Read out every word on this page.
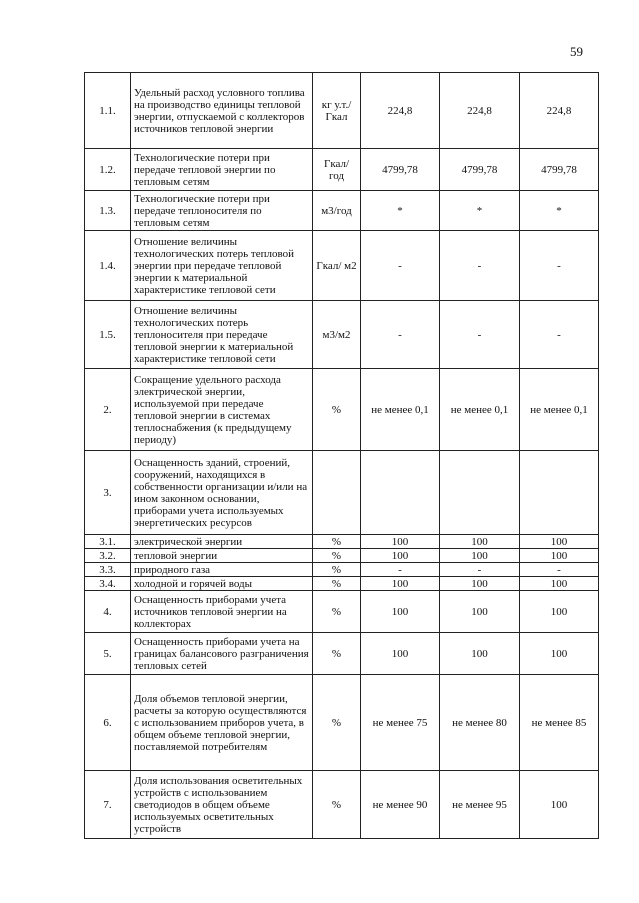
59
1.1.	Удельный расход условного топлива на производство единицы тепловой энергии, отпускаемой с коллекторов источников тепловой энергии	кг у.т./ Гкал	224,8	224,8	224,8
1.2.	Технологические потери при передаче тепловой энергии по тепловым сетям	Гкал/ год	4799,78	4799,78	4799,78
1.3.	Технологические потери при передаче теплоносителя по тепловым сетям	м3/год	*	*	*
1.4.	Отношение величины технологических потерь тепловой энергии при передаче тепловой энергии к материальной характеристике тепловой сети	Гкал/ м2	-	-	-
1.5.	Отношение величины технологических потерь теплоносителя при передаче тепловой энергии к материальной характеристике тепловой сети	м3/м2	-	-	-
2.	Сокращение удельного расхода электрической энергии, используемой при передаче тепловой энергии в системах теплоснабжения (к предыдущему периоду)	%	не менее 0,1	не менее 0,1	не менее 0,1
3.	Оснащенность зданий, строений, сооружений, находящихся в собственности организации и/или на ином законном основании, приборами учета используемых энергетических ресурсов				
3.1.	электрической энергии	%	100	100	100
3.2.	тепловой энергии	%	100	100	100
3.3.	природного газа	%	-	-	-
3.4.	холодной и горячей воды	%	100	100	100
4.	Оснащенность приборами учета источников тепловой энергии на коллекторах	%	100	100	100
5.	Оснащенность приборами учета на границах балансового разграничения тепловых сетей	%	100	100	100
6.	Доля объемов тепловой энергии, расчеты за которую осуществляются с использованием приборов учета, в общем объеме тепловой энергии, поставляемой потребителям	%	не менее 75	не менее 80	не менее 85
7.	Доля использования осветительных устройств с использованием светодиодов в общем объеме используемых осветительных устройств	%	не менее 90	не менее 95	100
